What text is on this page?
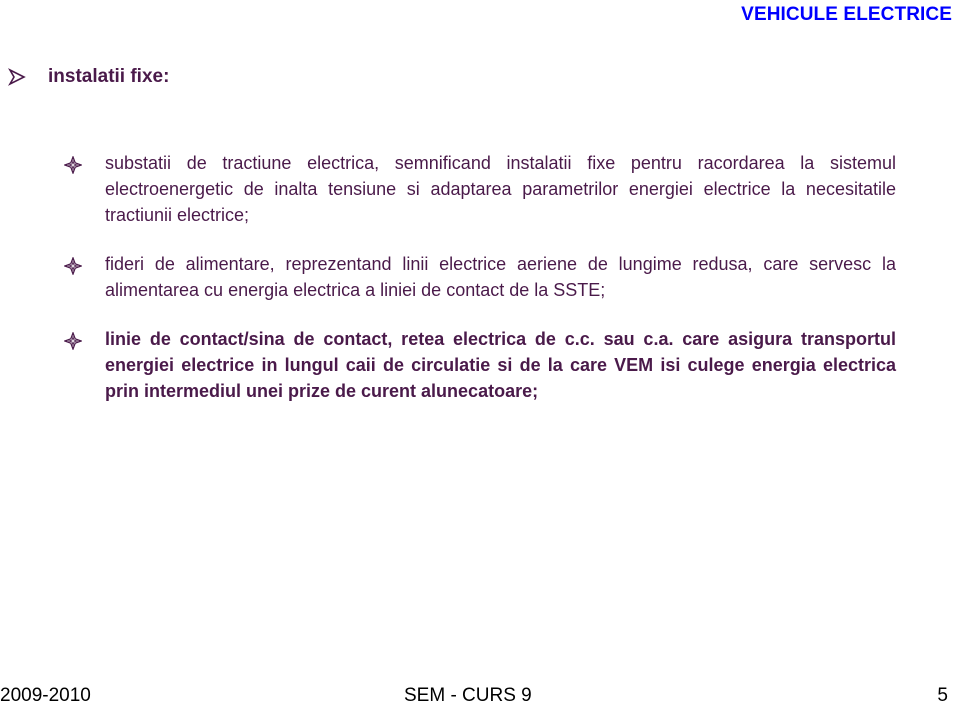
VEHICULE ELECTRICE
instalatii fixe:

substatii de tractiune electrica, semnificand instalatii fixe pentru racordarea la sistemul electroenergetic de inalta tensiune si adaptarea parametrilor energiei electrice la necesitatile tractiunii electrice;

fideri de alimentare, reprezentand linii electrice aeriene de lungime redusa, care servesc la alimentarea cu energia electrica a liniei de contact de la SSTE;

linie de contact/sina de contact, retea electrica de c.c. sau c.a. care asigura transportul energiei electrice in lungul caii de circulatie si de la care VEM isi culege energia electrica prin intermediul unei prize de curent alunecatoare;

2009-2010	SEM - CURS 9	5
